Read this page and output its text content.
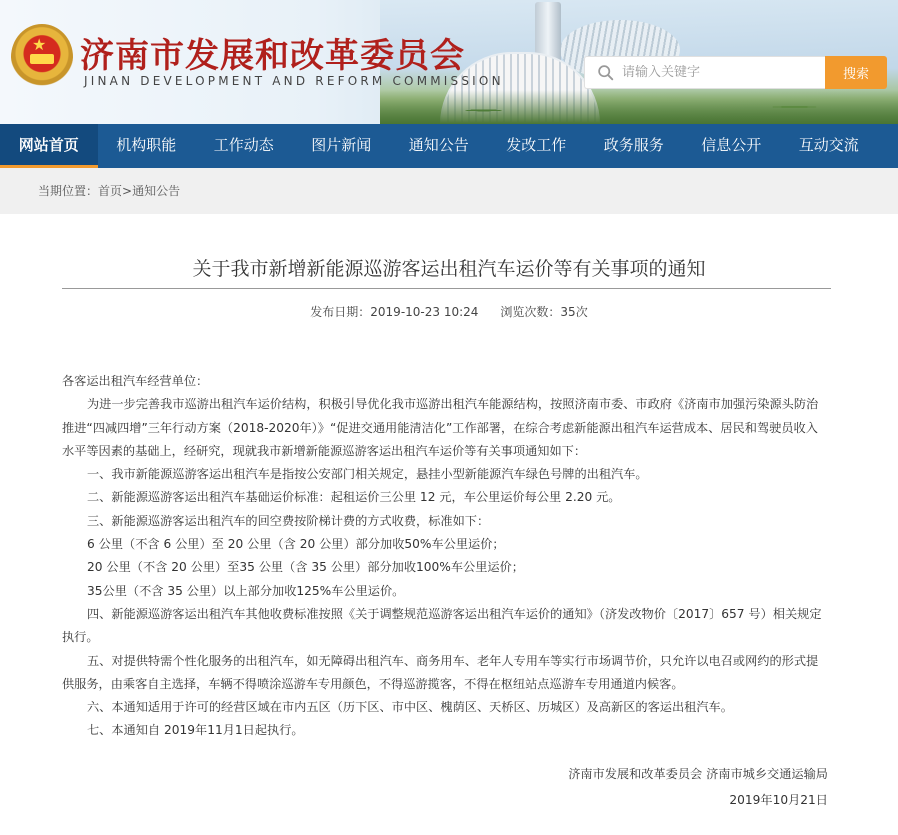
★ 济南市发展和改革委员会
JINAN DEVELOPMENT AND REFORM COMMISSION
请输入关键字	搜索
网站首页	机构职能	工作动态	图片新闻	通知公告	发改工作	政务服务	信息公开	互动交流
当期位置：首页>通知公告
关于我市新增新能源巡游客运出租汽车运价等有关事项的通知
发布日期：2019-10-23 10:24 浏览次数：35次

各客运出租汽车经营单位：

为进一步完善我市巡游出租汽车运价结构，积极引导优化我市巡游出租汽车能源结构，按照济南市委、市政府《济南市加强污染源头防治推进“四减四增”三年行动方案（2018-2020年）》“促进交通用能清洁化”工作部署，在综合考虑新能源出租汽车运营成本、居民和驾驶员收入水平等因素的基础上，经研究，现就我市新增新能源巡游客运出租汽车运价等有关事项通知如下：

一、我市新能源巡游客运出租汽车是指按公安部门相关规定，悬挂小型新能源汽车绿色号牌的出租汽车。

二、新能源巡游客运出租汽车基础运价标准：起租运价三公里 12 元，车公里运价每公里 2.20 元。

三、新能源巡游客运出租汽车的回空费按阶梯计费的方式收费，标准如下：

6 公里（不含 6 公里）至 20 公里（含 20 公里）部分加收50%车公里运价；

20 公里（不含 20 公里）至35 公里（含 35 公里）部分加收100%车公里运价；

35公里（不含 35 公里）以上部分加收125%车公里运价。

四、新能源巡游客运出租汽车其他收费标准按照《关于调整规范巡游客运出租汽车运价的通知》（济发改物价〔2017〕657 号）相关规定执行。

五、对提供特需个性化服务的出租汽车，如无障碍出租汽车、商务用车、老年人专用车等实行市场调节价，只允许以电召或网约的形式提供服务，由乘客自主选择，车辆不得喷涂巡游车专用颜色，不得巡游揽客，不得在枢纽站点巡游车专用通道内候客。

六、本通知适用于许可的经营区域在市内五区（历下区、市中区、槐荫区、天桥区、历城区）及高新区的客运出租汽车。

七、本通知自 2019年11月1日起执行。

济南市发展和改革委员会 济南市城乡交通运输局

2019年10月21日
